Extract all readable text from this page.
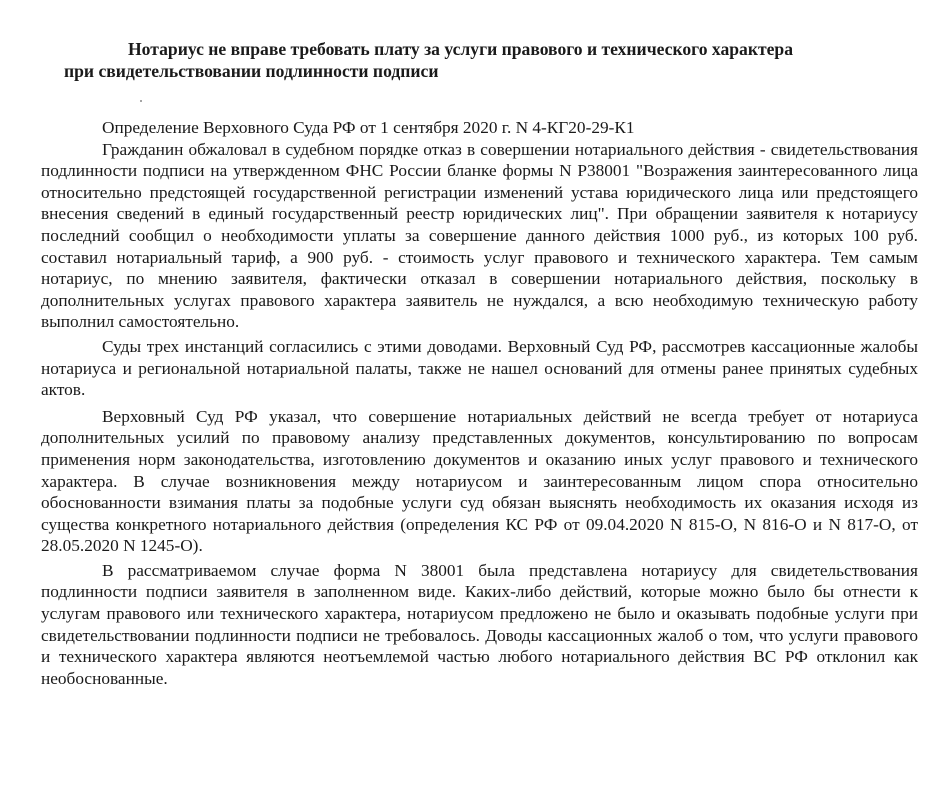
Нотариус не вправе требовать плату за услуги правового и технического характера
при свидетельствовании подлинности подписи

Определение Верховного Суда РФ от 1 сентября 2020 г. N 4-КГ20-29-К1

Гражданин обжаловал в судебном порядке отказ в совершении нотариального действия - свидетельствования подлинности подписи на утвержденном ФНС России бланке формы N Р38001 "Возражения заинтересованного лица относительно предстоящей государственной регистрации изменений устава юридического лица или предстоящего внесения сведений в единый государственный реестр юридических лиц". При обращении заявителя к нотариусу последний сообщил о необходимости уплаты за совершение данного действия 1000 руб., из которых 100 руб. составил нотариальный тариф, а 900 руб. - стоимость услуг правового и технического характера. Тем самым нотариус, по мнению заявителя, фактически отказал в совершении нотариального действия, поскольку в дополнительных услугах правового характера заявитель не нуждался, а всю необходимую техническую работу выполнил самостоятельно.

Суды трех инстанций согласились с этими доводами. Верховный Суд РФ, рассмотрев кассационные жалобы нотариуса и региональной нотариальной палаты, также не нашел оснований для отмены ранее принятых судебных актов.

Верховный Суд РФ указал, что совершение нотариальных действий не всегда требует от нотариуса дополнительных усилий по правовому анализу представленных документов, консультированию по вопросам применения норм законодательства, изготовлению документов и оказанию иных услуг правового и технического характера. В случае возникновения между нотариусом и заинтересованным лицом спора относительно обоснованности взимания платы за подобные услуги суд обязан выяснять необходимость их оказания исходя из существа конкретного нотариального действия (определения КС РФ от 09.04.2020 N 815-О, N 816-О и N 817-О, от 28.05.2020 N 1245-О).

В рассматриваемом случае форма N 38001 была представлена нотариусу для свидетельствования подлинности подписи заявителя в заполненном виде. Каких-либо действий, которые можно было бы отнести к услугам правового или технического характера, нотариусом предложено не было и оказывать подобные услуги при свидетельствовании подлинности подписи не требовалось. Доводы кассационных жалоб о том, что услуги правового и технического характера являются неотъемлемой частью любого нотариального действия ВС РФ отклонил как необоснованные.
